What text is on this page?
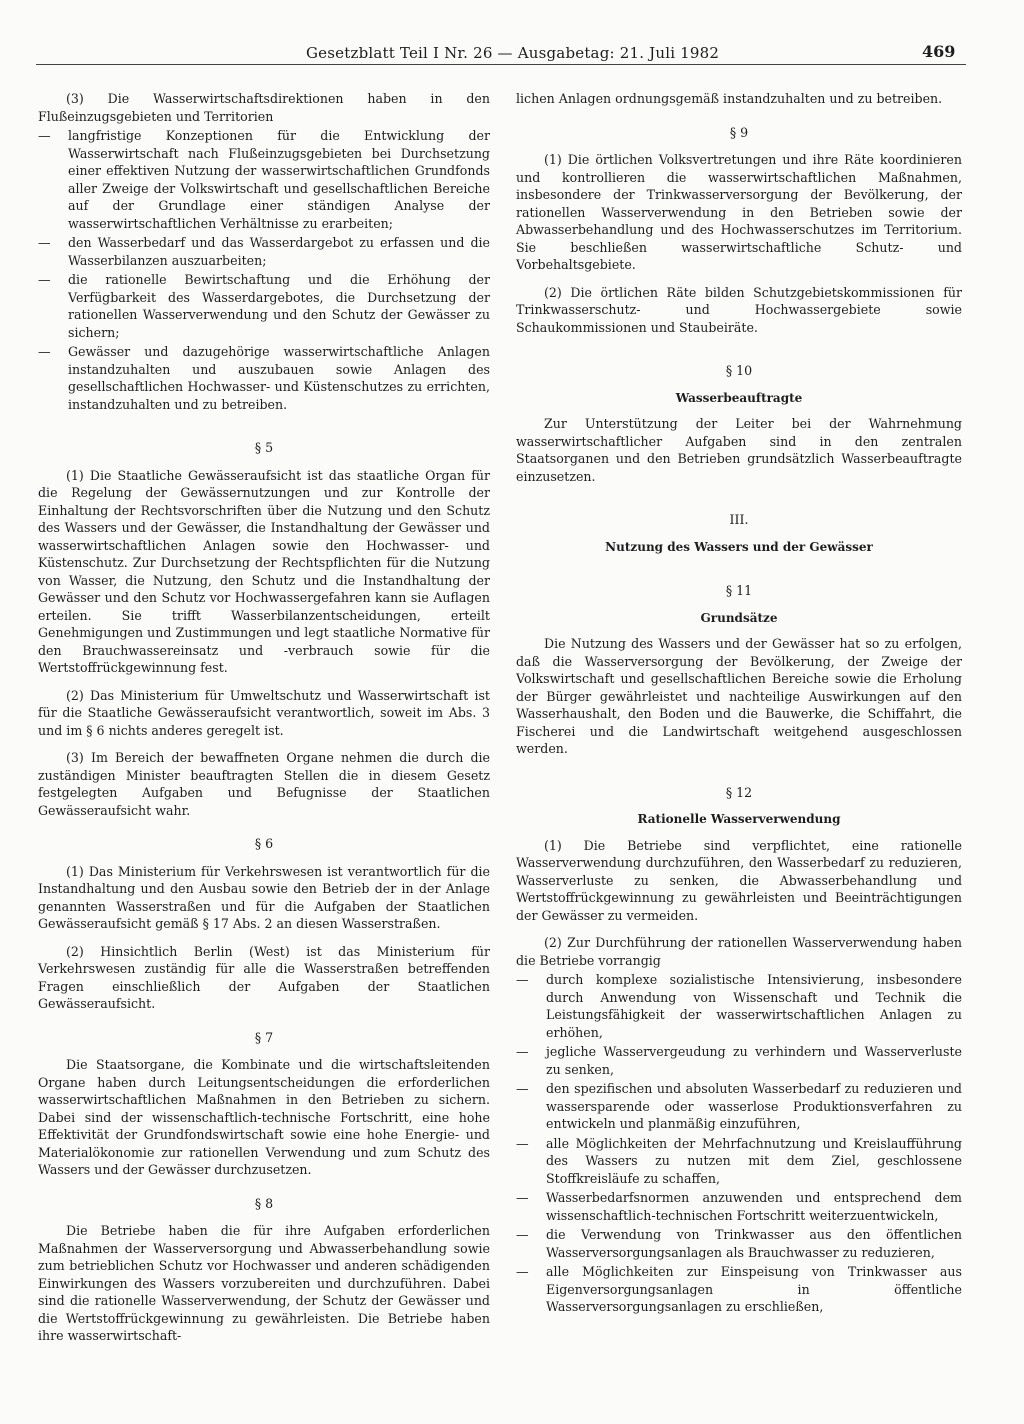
Gesetzblatt Teil I Nr. 26 — Ausgabetag: 21. Juli 1982	469

(3) Die Wasserwirtschaftsdirektionen haben in den Flußeinzugsgebieten und Territorien

—	langfristige Konzeptionen für die Entwicklung der Wasserwirtschaft nach Flußeinzugsgebieten bei Durchsetzung einer effektiven Nutzung der wasserwirtschaftlichen Grundfonds aller Zweige der Volkswirtschaft und gesellschaftlichen Bereiche auf der Grundlage einer ständigen Analyse der wasserwirtschaftlichen Verhältnisse zu erarbeiten;
—	den Wasserbedarf und das Wasserdargebot zu erfassen und die Wasserbilanzen auszuarbeiten;
—	die rationelle Bewirtschaftung und die Erhöhung der Verfügbarkeit des Wasserdargebotes, die Durchsetzung der rationellen Wasserverwendung und den Schutz der Gewässer zu sichern;
—	Gewässer und dazugehörige wasserwirtschaftliche Anlagen instandzuhalten und auszubauen sowie Anlagen des gesellschaftlichen Hochwasser- und Küstenschutzes zu errichten, instandzuhalten und zu betreiben.
§ 5

(1) Die Staatliche Gewässeraufsicht ist das staatliche Organ für die Regelung der Gewässernutzungen und zur Kontrolle der Einhaltung der Rechtsvorschriften über die Nutzung und den Schutz des Wassers und der Gewässer, die Instandhaltung der Gewässer und wasserwirtschaftlichen Anlagen sowie den Hochwasser- und Küstenschutz. Zur Durchsetzung der Rechtspflichten für die Nutzung von Wasser, die Nutzung, den Schutz und die Instandhaltung der Gewässer und den Schutz vor Hochwassergefahren kann sie Auflagen erteilen. Sie trifft Wasserbilanzentscheidungen, erteilt Genehmigungen und Zustimmungen und legt staatliche Normative für den Brauchwassereinsatz und -verbrauch sowie für die Wertstoffrückgewinnung fest.

(2) Das Ministerium für Umweltschutz und Wasserwirtschaft ist für die Staatliche Gewässeraufsicht verantwortlich, soweit im Abs. 3 und im § 6 nichts anderes geregelt ist.

(3) Im Bereich der bewaffneten Organe nehmen die durch die zuständigen Minister beauftragten Stellen die in diesem Gesetz festgelegten Aufgaben und Befugnisse der Staatlichen Gewässeraufsicht wahr.

§ 6

(1) Das Ministerium für Verkehrswesen ist verantwortlich für die Instandhaltung und den Ausbau sowie den Betrieb der in der Anlage genannten Wasserstraßen und für die Aufgaben der Staatlichen Gewässeraufsicht gemäß § 17 Abs. 2 an diesen Wasserstraßen.

(2) Hinsichtlich Berlin (West) ist das Ministerium für Verkehrswesen zuständig für alle die Wasserstraßen betreffenden Fragen einschließlich der Aufgaben der Staatlichen Gewässeraufsicht.

§ 7

Die Staatsorgane, die Kombinate und die wirtschaftsleitenden Organe haben durch Leitungsentscheidungen die erforderlichen wasserwirtschaftlichen Maßnahmen in den Betrieben zu sichern. Dabei sind der wissenschaftlich-technische Fortschritt, eine hohe Effektivität der Grundfondswirtschaft sowie eine hohe Energie- und Materialökonomie zur rationellen Verwendung und zum Schutz des Wassers und der Gewässer durchzusetzen.

§ 8

Die Betriebe haben die für ihre Aufgaben erforderlichen Maßnahmen der Wasserversorgung und Abwasserbehandlung sowie zum betrieblichen Schutz vor Hochwasser und anderen schädigenden Einwirkungen des Wassers vorzubereiten und durchzuführen. Dabei sind die rationelle Wasserverwendung, der Schutz der Gewässer und die Wertstoffrückgewinnung zu gewährleisten. Die Betriebe haben ihre wasserwirtschaft-

lichen Anlagen ordnungsgemäß instandzuhalten und zu betreiben.

§ 9

(1) Die örtlichen Volksvertretungen und ihre Räte koordinieren und kontrollieren die wasserwirtschaftlichen Maßnahmen, insbesondere der Trinkwasserversorgung der Bevölkerung, der rationellen Wasserverwendung in den Betrieben sowie der Abwasserbehandlung und des Hochwasserschutzes im Territorium. Sie beschließen wasserwirtschaftliche Schutz- und Vorbehaltsgebiete.

(2) Die örtlichen Räte bilden Schutzgebietskommissionen für Trinkwasserschutz- und Hochwassergebiete sowie Schaukommissionen und Staubeiräte.

§ 10
Wasserbeauftragte

Zur Unterstützung der Leiter bei der Wahrnehmung wasserwirtschaftlicher Aufgaben sind in den zentralen Staatsorganen und den Betrieben grundsätzlich Wasserbeauftragte einzusetzen.

III.
Nutzung des Wassers und der Gewässer
§ 11
Grundsätze

Die Nutzung des Wassers und der Gewässer hat so zu erfolgen, daß die Wasserversorgung der Bevölkerung, der Zweige der Volkswirtschaft und gesellschaftlichen Bereiche sowie die Erholung der Bürger gewährleistet und nachteilige Auswirkungen auf den Wasserhaushalt, den Boden und die Bauwerke, die Schiffahrt, die Fischerei und die Landwirtschaft weitgehend ausgeschlossen werden.

§ 12
Rationelle Wasserverwendung

(1) Die Betriebe sind verpflichtet, eine rationelle Wasserverwendung durchzuführen, den Wasserbedarf zu reduzieren, Wasserverluste zu senken, die Abwasserbehandlung und Wertstoffrückgewinnung zu gewährleisten und Beeinträchtigungen der Gewässer zu vermeiden.

(2) Zur Durchführung der rationellen Wasserverwendung haben die Betriebe vorrangig

—	durch komplexe sozialistische Intensivierung, insbesondere durch Anwendung von Wissenschaft und Technik die Leistungsfähigkeit der wasserwirtschaftlichen Anlagen zu erhöhen,
—	jegliche Wasservergeudung zu verhindern und Wasserverluste zu senken,
—	den spezifischen und absoluten Wasserbedarf zu reduzieren und wassersparende oder wasserlose Produktionsverfahren zu entwickeln und planmäßig einzuführen,
—	alle Möglichkeiten der Mehrfachnutzung und Kreislaufführung des Wassers zu nutzen mit dem Ziel, geschlossene Stoffkreisläufe zu schaffen,
—	Wasserbedarfsnormen anzuwenden und entsprechend dem wissenschaftlich-technischen Fortschritt weiterzuentwickeln,
—	die Verwendung von Trinkwasser aus den öffentlichen Wasserversorgungsanlagen als Brauchwasser zu reduzieren,
—	alle Möglichkeiten zur Einspeisung von Trinkwasser aus Eigenversorgungsanlagen in öffentliche Wasserversorgungsanlagen zu erschließen,
